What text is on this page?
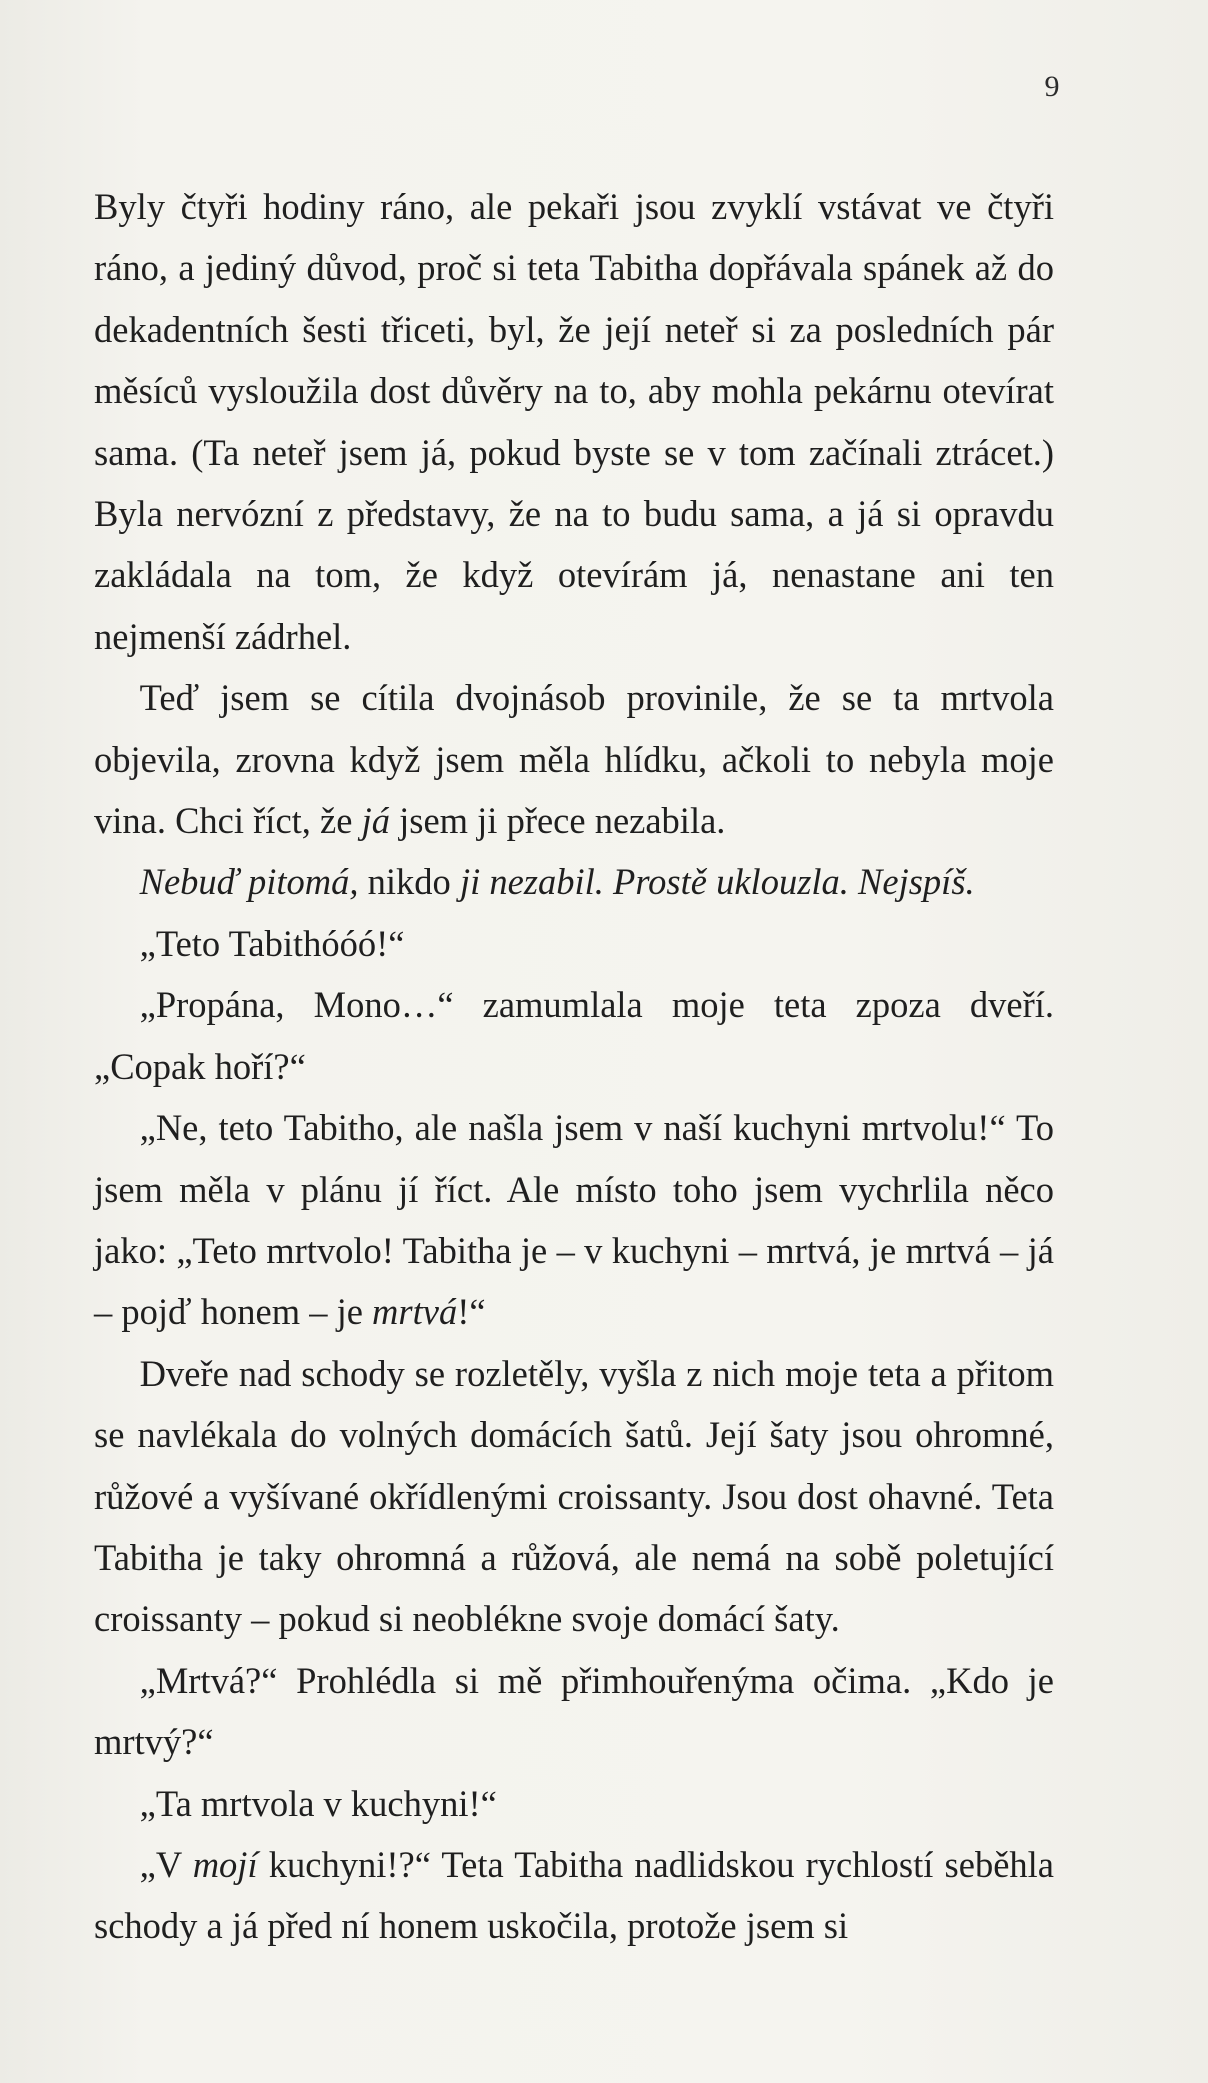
9

Byly čtyři hodiny ráno, ale pekaři jsou zvyklí vstávat ve čtyři ráno, a jediný důvod, proč si teta Tabitha dopřávala spánek až do dekadentních šesti třiceti, byl, že její neteř si za posledních pár měsíců vysloužila dost důvěry na to, aby mohla pekárnu otevírat sama. (Ta neteř jsem já, pokud byste se v tom začínali ztrácet.) Byla nervózní z představy, že na to budu sama, a já si opravdu zakládala na tom, že když otevírám já, nenastane ani ten nejmenší zádrhel.

Teď jsem se cítila dvojnásob provinile, že se ta mrtvola objevila, zrovna když jsem měla hlídku, ačkoli to nebyla moje vina. Chci říct, že já jsem ji přece nezabila.

Nebuď pitomá, nikdo ji nezabil. Prostě uklouzla. Nejspíš.

„Teto Tabithóóó!“

„Propána, Mono…“ zamumlala moje teta zpoza dveří. „Copak hoří?“

„Ne, teto Tabitho, ale našla jsem v naší kuchyni mrtvolu!“ To jsem měla v plánu jí říct. Ale místo toho jsem vychrlila něco jako: „Teto mrtvolo! Tabitha je – v kuchyni – mrtvá, je mrtvá – já – pojď honem – je mrtvá!“

Dveře nad schody se rozletěly, vyšla z nich moje teta a přitom se navlékala do volných domácích šatů. Její šaty jsou ohromné, růžové a vyšívané okřídlenými croissanty. Jsou dost ohavné. Teta Tabitha je taky ohromná a růžová, ale nemá na sobě poletující croissanty – pokud si neoblékne svoje domácí šaty.

„Mrtvá?“ Prohlédla si mě přimhouřenýma očima. „Kdo je mrtvý?“

„Ta mrtvola v kuchyni!“

„V mojí kuchyni!?“ Teta Tabitha nadlidskou rychlostí seběhla schody a já před ní honem uskočila, protože jsem si
